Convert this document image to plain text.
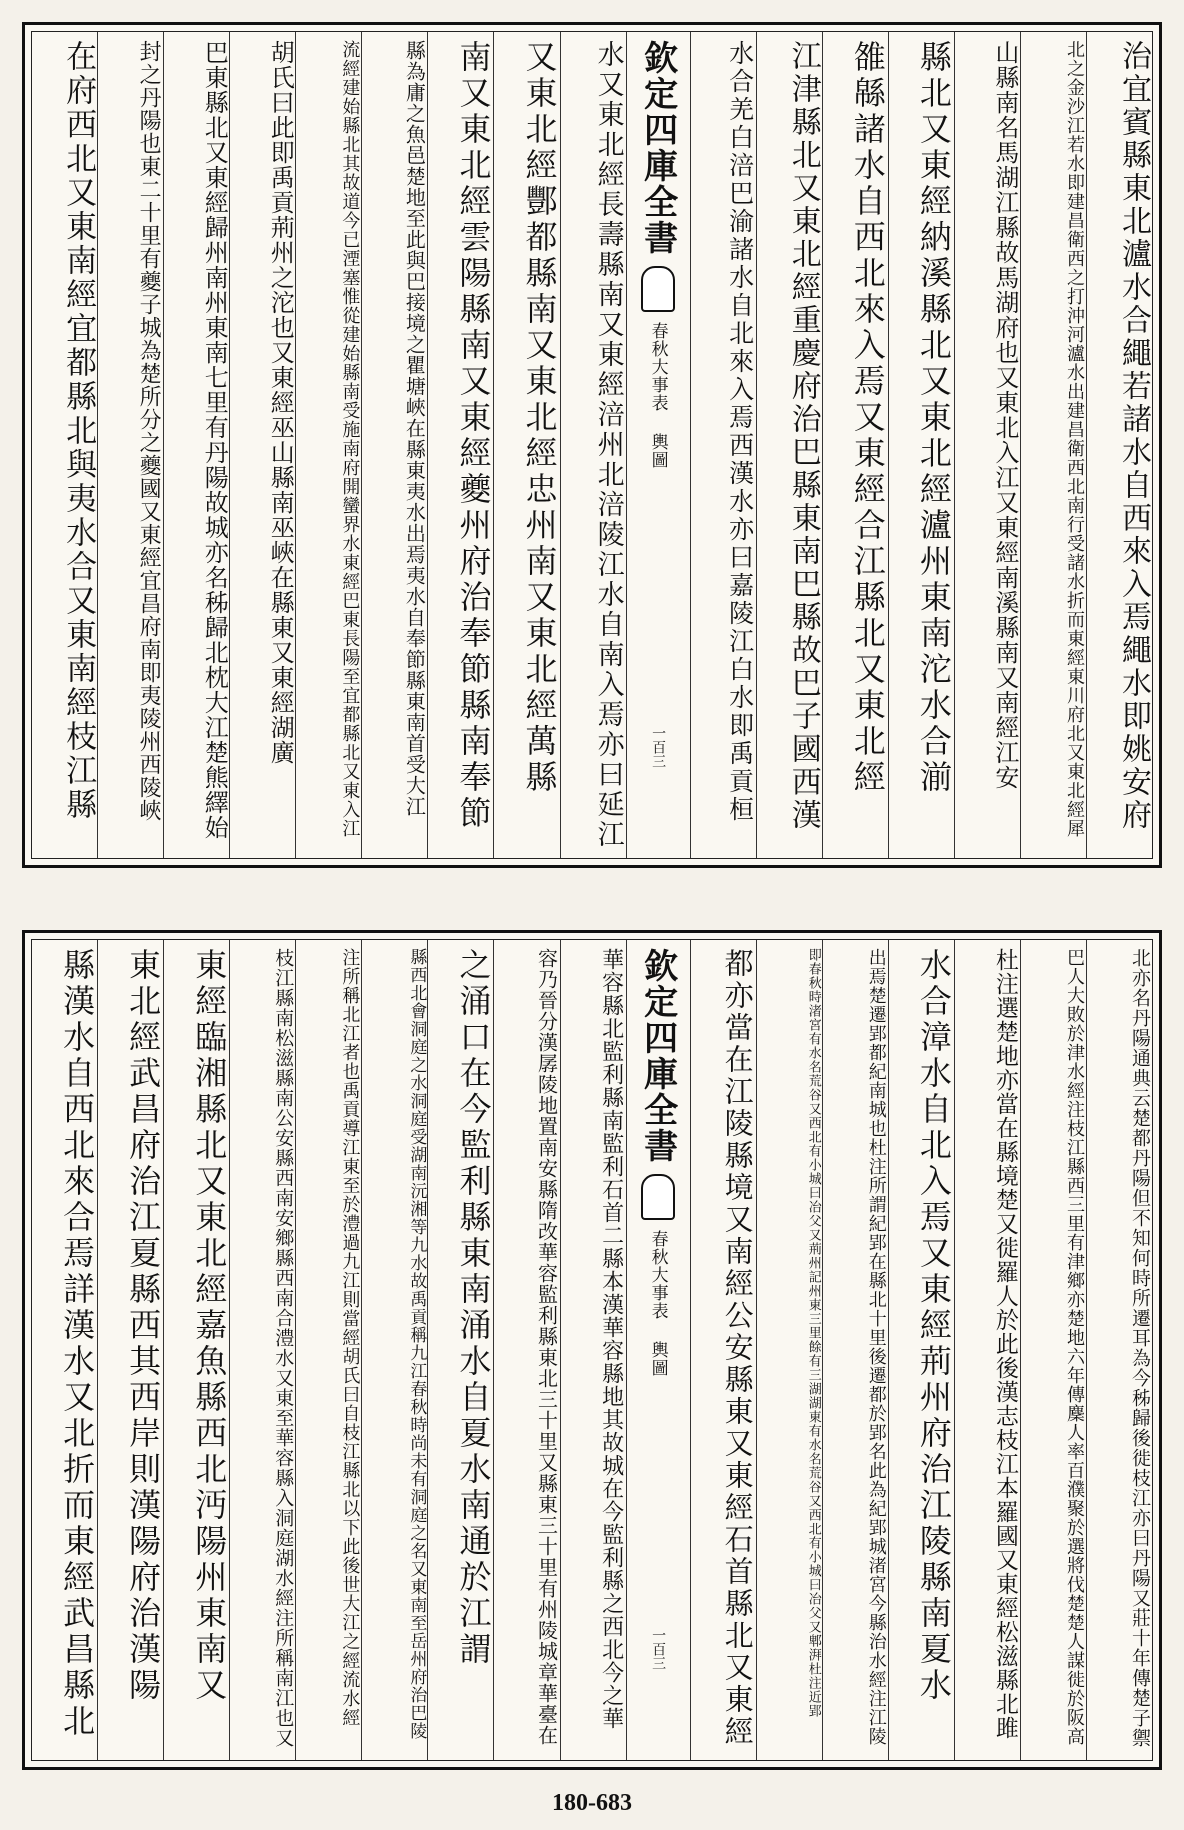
治宜賓縣東北瀘水合繩若諸水自西來入焉繩水即姚安府
北之金沙江若水即建昌衛西之打沖河瀘水出建昌衛西北南行受諸水折而東經東川府北又東北經犀
山縣南名馬湖江縣故馬湖府也又東北入江又東經南溪縣南又南經江安
縣北又東經納溪縣北又東北經瀘州東南沱水合湔
雒緜諸水自西北來入焉又東經合江縣北又東北經
江津縣北又東北經重慶府治巴縣東南巴縣故巴子國西漢
水合羌白涪巴渝諸水自北來入焉西漢水亦曰嘉陵江白水即禹貢桓
欽定四庫全書
春秋大事表 輿圖
一百三
水又東北經長壽縣南又東經涪州北涪陵江水自南入焉亦曰延江
又東北經酆都縣南又東北經忠州南又東北經萬縣
南又東北經雲陽縣南又東經夔州府治奉節縣南奉節
縣為庸之魚邑楚地至此與巴接境之瞿塘峽在縣東夷水出焉夷水自奉節縣東南首受大江
流經建始縣北其故道今已湮塞惟從建始縣南受施南府開蠻界水東經巴東長陽至宜都縣北又東入江
胡氏曰此即禹貢荊州之沱也又東經巫山縣南巫峽在縣東又東經湖廣
巴東縣北又東經歸州南州東南七里有丹陽故城亦名秭歸北枕大江楚熊繹始
封之丹陽也東二十里有夔子城為楚所分之夔國又東經宜昌府南即夷陵州西陵峽
在府西北又東南經宜都縣北與夷水合又東南經枝江縣
北亦名丹陽通典云楚都丹陽但不知何時所遷耳為今秭歸後徙枝江亦曰丹陽又莊十年傳楚子禦
巴人大敗於津水經注枝江縣西三里有津鄉亦楚地六年傳麇人率百濮聚於選將伐楚楚人謀徙於阪高
杜注選楚地亦當在縣境楚又徙羅人於此後漢志枝江本羅國又東經松滋縣北雎
水合漳水自北入焉又東經荊州府治江陵縣南夏水
出焉楚遷郢都紀南城也杜注所謂紀郢在縣北十里後遷都於郢名此為紀郢城渚宮今縣治水經注江陵
即春秋時渚宮有水名荒谷又西北有小城曰冶父又荊州記州東三里餘有三湖湖東有水名荒谷又西北有小城曰冶父又郫湃杜注近郢
都亦當在江陵縣境又南經公安縣東又東經石首縣北又東經
欽定四庫全書
春秋大事表 輿圖
一百三
華容縣北監利縣南監利石首二縣本漢華容縣地其故城在今監利縣之西北今之華
容乃晉分漢孱陵地置南安縣隋改華容監利縣東北三十里又縣東三十里有州陵城章華臺在
之涌口在今監利縣東南涌水自夏水南通於江謂
縣西北會洞庭之水洞庭受湖南沅湘等九水故禹貢稱九江春秋時尚未有洞庭之名又東南至岳州府治巴陵
注所稱北江者也禹貢導江東至於澧過九江則當經胡氏曰自枝江縣北以下此後世大江之經流水經
枝江縣南松滋縣南公安縣西南安鄉縣西南合澧水又東至華容縣入洞庭湖水經注所稱南江也又
東經臨湘縣北又東北經嘉魚縣西北沔陽州東南又
東北經武昌府治江夏縣西其西岸則漢陽府治漢陽
縣漢水自西北來合焉詳漢水又北折而東經武昌縣北
180-683
